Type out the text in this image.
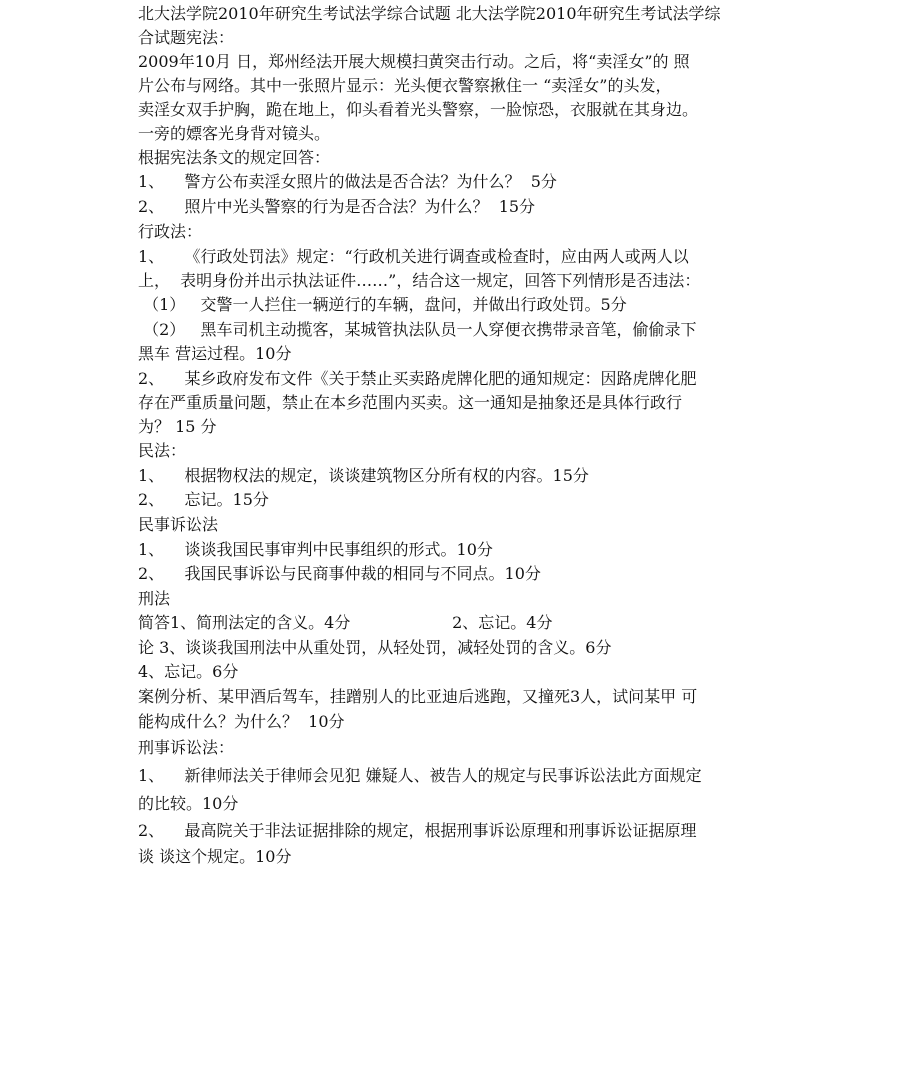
北大法学院2010年研究生考试法学综合试题 北大法学院2010年研究生考试法学综
合试题宪法：
2009年10月 日，郑州经法开展大规模扫黄突击行动。之后，将“卖淫女”的 照
片公布与网络。其中一张照片显示：光头便衣警察揪住一 “卖淫女”的头发，
卖淫女双手护胸，跪在地上，仰头看着光头警察，一脸惊恐，衣服就在其身边。
一旁的嫖客光身背对镜头。
根据宪法条文的规定回答：
1、    警方公布卖淫女照片的做法是否合法？为什么？  5分
2、    照片中光头警察的行为是否合法？为什么？  15分
行政法：
1、    《行政处罚法》规定：“行政机关进行调查或检查时，应由两人或两人以
上，  表明身份并出示执法证件……”，结合这一规定，回答下列情形是否违法：
（1）   交警一人拦住一辆逆行的车辆，盘问，并做出行政处罚。5分
（2）   黑车司机主动揽客，某城管执法队员一人穿便衣携带录音笔，偷偷录下
黑车 营运过程。10分
2、    某乡政府发布文件《关于禁止买卖路虎牌化肥的通知规定：因路虎牌化肥
存在严重质量问题，禁止在本乡范围内买卖。这一通知是抽象还是具体行政行
为？ 15 分
民法：
1、    根据物权法的规定，谈谈建筑物区分所有权的内容。15分
2、    忘记。15分
民事诉讼法
1、    谈谈我国民事审判中民事组织的形式。10分
2、    我国民事诉讼与民商事仲裁的相同与不同点。10分
刑法
简答1、简刑法定的含义。4分                    2、忘记。4分
论 3、谈谈我国刑法中从重处罚，从轻处罚，减轻处罚的含义。6分
4、忘记。6分
案例分析、某甲酒后驾车，挂蹭别人的比亚迪后逃跑，又撞死3人，试问某甲 可
能构成什么？为什么？  10分
刑事诉讼法：
1、    新律师法关于律师会见犯 嫌疑人、被告人的规定与民事诉讼法此方面规定
的比较。10分
2、    最高院关于非法证据排除的规定，根据刑事诉讼原理和刑事诉讼证据原理
谈 谈这个规定。10分
